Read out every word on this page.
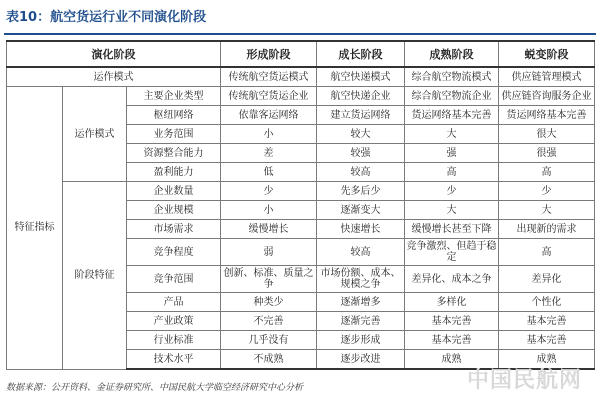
表10：航空货运行业不同演化阶段
演化阶段			形成阶段	成长阶段	成熟阶段	蜕变阶段
运作模式			传统航空货运模式	航空快递模式	综合航空物流模式	供应链管理模式
特征指标	运作模式	主要企业类型	传统航空货运企业	航空快递企业	综合航空物流企业	供应链咨询服务企业
		枢纽网络	依靠客运网络	建立货运网络	货运网络基本完善	货运网络基本完善
		业务范围	小	较大	大	很大
		资源整合能力	差	较强	强	很强
		盈利能力	低	较高	高	高
	阶段特征	企业数量	少	先多后少	少	少
		企业规模	小	逐渐变大	大	大
		市场需求	缓慢增长	快速增长	缓慢增长甚至下降	出现新的需求
		竞争程度	弱	较高	竞争激烈、但趋于稳定	高
		竞争范围	创新、标准、质量之争	市场份额、成本、规模之争	差异化、成本之争	差异化
		产品	种类少	逐渐增多	多样化	个性化
		产业政策	不完善	逐渐完善	基本完善	基本完善
		行业标准	几乎没有	逐步形成	基本完善	基本完善
		技术水平	不成熟	逐步改进	成熟	成熟
中国民航网
数据来源：公开资料、金证券研究所、中国民航大学临空经济研究中心分析
